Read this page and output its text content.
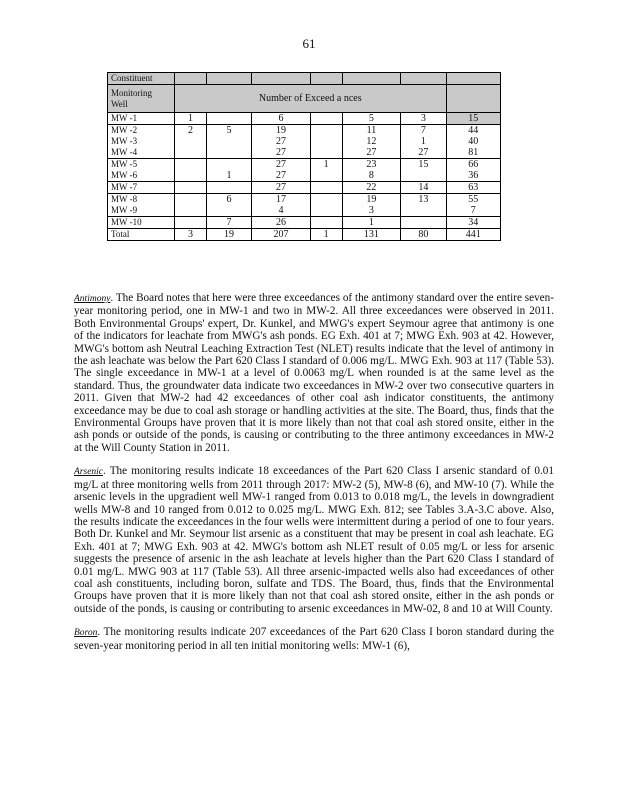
61
Constituent							
Monitoring
Well	Number of Exceed a nces						
MW -1	1		6		5	3	15
MW -2	2	5	19		11	7	44
MW -3			27		12	1	40
MW -4			27		27	27	81
MW -5			27	1	23	15	66
MW -6		1	27		8		36
MW -7			27		22	14	63
MW -8		6	17		19	13	55
MW -9			4		3		7
MW -10		7	26		1		34
Total	3	19	207	1	131	80	441

Antimony. The Board notes that here were three exceedances of the antimony standard over the entire seven-year monitoring period, one in MW-1 and two in MW-2. All three exceedances were observed in 2011. Both Environmental Groups' expert, Dr. Kunkel, and MWG's expert Seymour agree that antimony is one of the indicators for leachate from MWG's ash ponds. EG Exh. 401 at 7; MWG Exh. 903 at 42. However, MWG's bottom ash Neutral Leaching Extraction Test (NLET) results indicate that the level of antimony in the ash leachate was below the Part 620 Class I standard of 0.006 mg/L. MWG Exh. 903 at 117 (Table 53). The single exceedance in MW-1 at a level of 0.0063 mg/L when rounded is at the same level as the standard. Thus, the groundwater data indicate two exceedances in MW-2 over two consecutive quarters in 2011. Given that MW-2 had 42 exceedances of other coal ash indicator constituents, the antimony exceedance may be due to coal ash storage or handling activities at the site. The Board, thus, finds that the Environmental Groups have proven that it is more likely than not that coal ash stored onsite, either in the ash ponds or outside of the ponds, is causing or contributing to the three antimony exceedances in MW-2 at the Will County Station in 2011.

Arsenic. The monitoring results indicate 18 exceedances of the Part 620 Class I arsenic standard of 0.01 mg/L at three monitoring wells from 2011 through 2017: MW-2 (5), MW-8 (6), and MW-10 (7). While the arsenic levels in the upgradient well MW-1 ranged from 0.013 to 0.018 mg/L, the levels in downgradient wells MW-8 and 10 ranged from 0.012 to 0.025 mg/L. MWG Exh. 812; see Tables 3.A-3.C above. Also, the results indicate the exceedances in the four wells were intermittent during a period of one to four years. Both Dr. Kunkel and Mr. Seymour list arsenic as a constituent that may be present in coal ash leachate. EG Exh. 401 at 7; MWG Exh. 903 at 42. MWG's bottom ash NLET result of 0.05 mg/L or less for arsenic suggests the presence of arsenic in the ash leachate at levels higher than the Part 620 Class I standard of 0.01 mg/L. MWG 903 at 117 (Table 53). All three arsenic-impacted wells also had exceedances of other coal ash constituents, including boron, sulfate and TDS. The Board, thus, finds that the Environmental Groups have proven that it is more likely than not that coal ash stored onsite, either in the ash ponds or outside of the ponds, is causing or contributing to arsenic exceedances in MW-02, 8 and 10 at Will County.

Boron. The monitoring results indicate 207 exceedances of the Part 620 Class I boron standard during the seven-year monitoring period in all ten initial monitoring wells: MW-1 (6),
